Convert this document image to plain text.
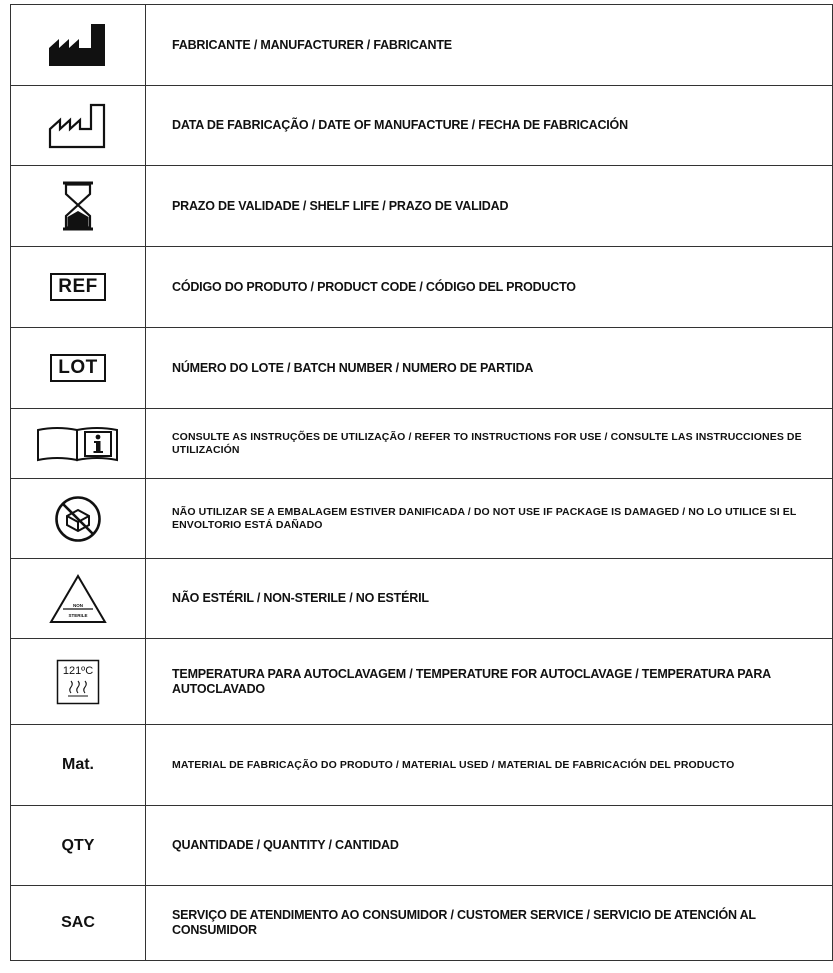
	FABRICANTE / MANUFACTURER / FABRICANTE

	DATA DE FABRICAÇÃO / DATE OF MANUFACTURE / FECHA DE FABRICACIÓN

	PRAZO DE VALIDADE / SHELF LIFE / PRAZO DE VALIDAD
REF	CÓDIGO DO PRODUTO / PRODUCT CODE / CÓDIGO DEL PRODUCTO
LOT	NÚMERO DO LOTE / BATCH NUMBER / NUMERO DE PARTIDA

	CONSULTE AS INSTRUÇÕES DE UTILIZAÇÃO / REFER TO INSTRUCTIONS FOR USE / CONSULTE LAS INSTRUCCIONES DE UTILIZACIÓN

	NÃO UTILIZAR SE A EMBALAGEM ESTIVER DANIFICADA / DO NOT USE IF PACKAGE IS DAMAGED / NO LO UTILICE SI EL ENVOLTORIO ESTÁ DAÑADO

NON
STERILE	NÃO ESTÉRIL / NON-STERILE / NO ESTÉRIL

121ºC	TEMPERATURA PARA AUTOCLAVAGEM / TEMPERATURE FOR AUTOCLAVAGE / TEMPERATURA PARA AUTOCLAVADO
Mat.	MATERIAL DE FABRICAÇÃO DO PRODUTO / MATERIAL USED / MATERIAL DE FABRICACIÓN DEL PRODUCTO
QTY	QUANTIDADE / QUANTITY / CANTIDAD
SAC	SERVIÇO DE ATENDIMENTO AO CONSUMIDOR / CUSTOMER SERVICE / SERVICIO DE ATENCIÓN AL CONSUMIDOR
